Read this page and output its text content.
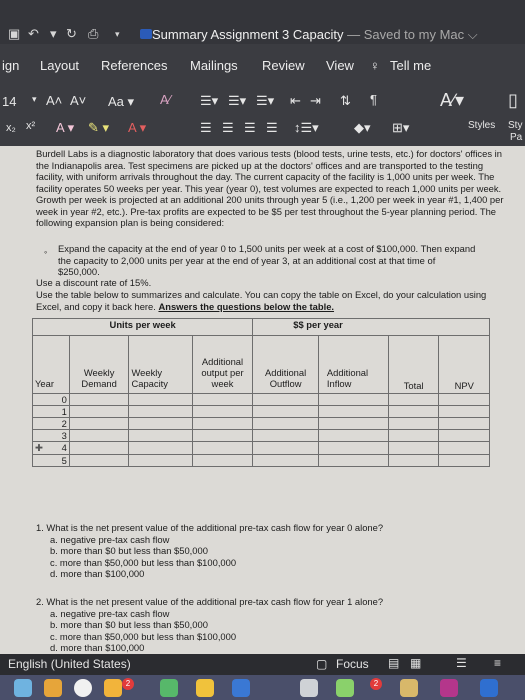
▣ ↶ ▾ ↻ ⎙ ▾ Summary Assignment 3 Capacity — Saved to my Mac ⌵
ign Layout References Mailings Review View ♀ Tell me
14 ▾ A˄ A˅ Aa ▾ A∕ ☰▾ ☰▾ ☰▾ ⇤ ⇥ ⇅ ¶	A∕▾ ▯
x₂ x² A ▾ ✎ ▾ A ▾	☰ ☰ ☰ ☰ ↕☰▾	◆▾ ⊞▾	Styles Sty
Pa
Burdell Labs is a diagnostic laboratory that does various tests (blood tests, urine tests, etc.) for doctors' offices in the Indianapolis area. Test specimens are picked up at the doctors' offices and are transported to the testing facility, with uniform arrivals throughout the day. The current capacity of the facility is 1,000 units per week. The facility operates 50 weeks per year. This year (year 0), test volumes are expected to reach 1,000 units per week. Growth per week is projected at an additional 200 units through year 5 (i.e., 1,200 per week in year #1, 1,400 per week in year #2, etc.). Pre-tax profits are expected to be $5 per test throughout the 5-year planning period. The following expansion plan is being considered:
Expand the capacity at the end of year 0 to 1,500 units per week at a cost of $100,000. Then expand the capacity to 2,000 units per year at the end of year 3, at an additional cost at that time of $250,000.
Use a discount rate of 15%.
Use the table below to summarizes and calculate. You can copy the table on Excel, do your calculation using Excel, and copy it back here. Answers the questions below the table.
◦
Units per week				$$ per year			
Year	Weekly Demand	Weekly Capacity	Additional output per week	Additional Outflow	Additional Inflow	Total	NPV
0							
1							
2							
3							

✚ 4							
5							
1. What is the net present value of the additional pre-tax cash flow for year 0 alone?
a. negative pre-tax cash flow
b. more than $0 but less than $50,000
c. more than $50,000 but less than $100,000
d. more than $100,000
2. What is the net present value of the additional pre-tax cash flow for year 1 alone?
a. negative pre-tax cash flow
b. more than $0 but less than $50,000
c. more than $50,000 but less than $100,000
d. more than $100,000
English (United States)	▢ Focus ▤ ▦	☰ ≡
2	2
